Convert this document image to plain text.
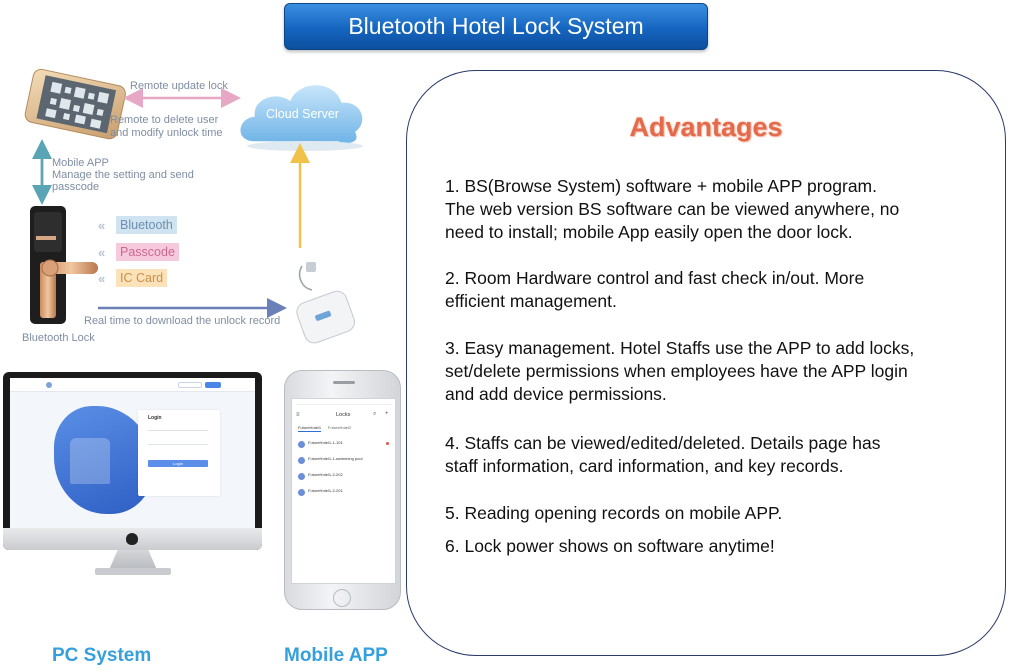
Bluetooth Hotel Lock System
«
«
«
Remote update lock
Remote to delete user
and modify unlock time
Cloud Server
Mobile APP
Manage the setting and send
passcode
Bluetooth
Passcode
IC Card
Real time to download the unlock record
Bluetooth Lock
Login
Login
≡	Locks	⌕ +
FutureHotel1 FutureHotel2
FutureHotel1-1-101
FutureHotel1-1-swimming pool
FutureHotel1-2-202
FutureHotel1-2-201
PC System	Mobile APP
Advantages
1. BS(Browse System) software + mobile APP program.
The web version BS software can be viewed anywhere, no
need to install; mobile App easily open the door lock.
2. Room Hardware control and fast check in/out. More
efficient management.
3. Easy management. Hotel Staffs use the APP to add locks,
set/delete permissions when employees have the APP login
and add device permissions.
4. Staffs can be viewed/edited/deleted. Details page has
staff information, card information, and key records.
5. Reading opening records on mobile APP.
6. Lock power shows on software anytime!
